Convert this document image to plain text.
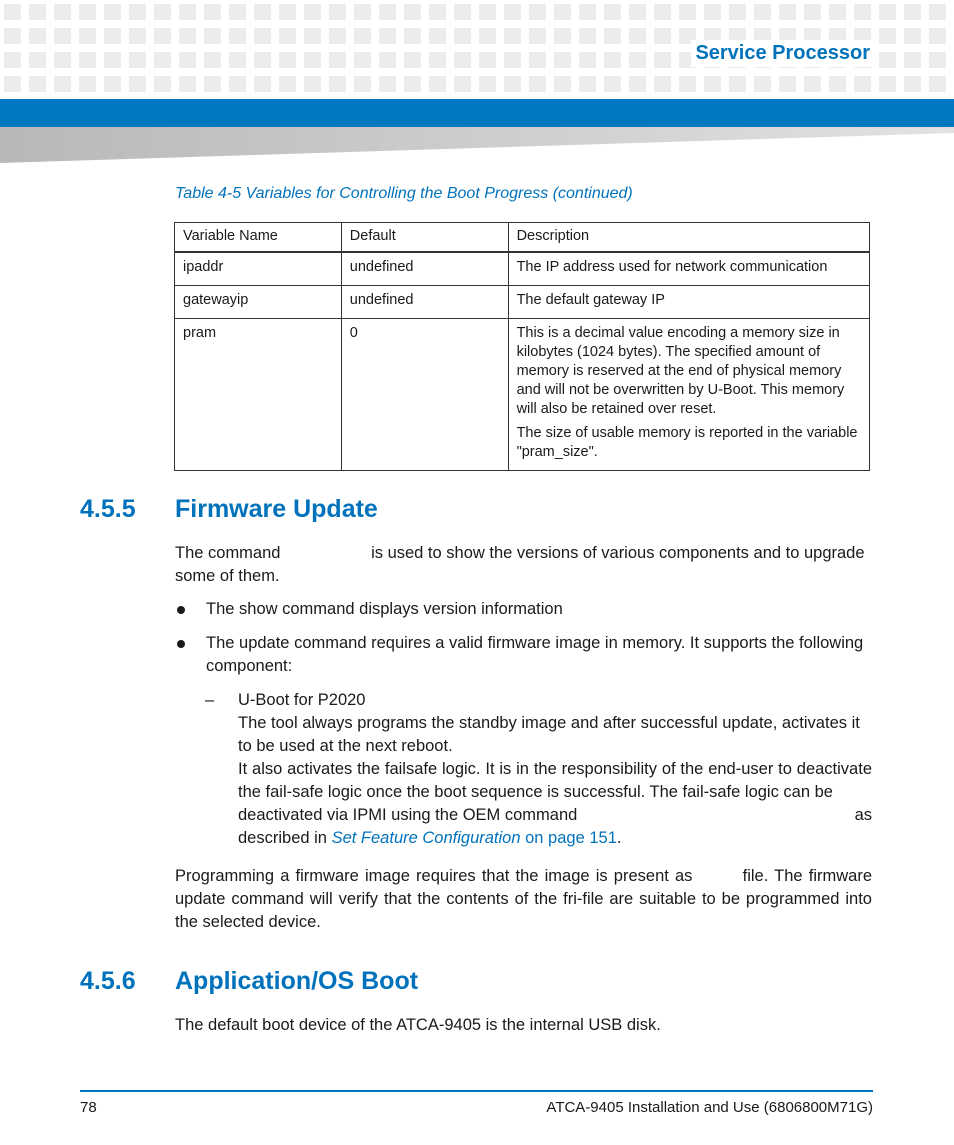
Service Processor
Table 4-5 Variables for Controlling the Boot Progress (continued)
Variable Name	Default	Description
ipaddr	undefined	The IP address used for network communication

gatewayip	undefined	The default gateway IP

pram	0	This is a decimal value encoding a memory size in kilobytes (1024 bytes). The specified amount of memory is reserved at the end of physical memory and will not be overwritten by U-Boot. This memory will also be retained over reset.

The size of usable memory is reported in the variable "pram_size".

4.5.5 Firmware Update

The command	is used to show the versions of various components and to upgrade some of them.

The show command displays version information
The update command requires a valid firmware image in memory. It supports the following component:
– U-Boot for P2020

The tool always programs the standby image and after successful update, activates it to be used at the next reboot.

It also activates the failsafe logic. It is in the responsibility of the end-user to deactivate the fail-safe logic once the boot sequence is successful. The fail-safe logic can be

deactivated via IPMI using the OEM command	as

described in Set Feature Configuration on page 151.

Programming a firmware image requires that the image is present as	file. The firmware update command will verify that the contents of the fri-file are suitable to be programmed into the selected device.

4.5.6 Application/OS Boot

The default boot device of the ATCA-9405 is the internal USB disk.

78	ATCA-9405 Installation and Use (6806800M71G)
